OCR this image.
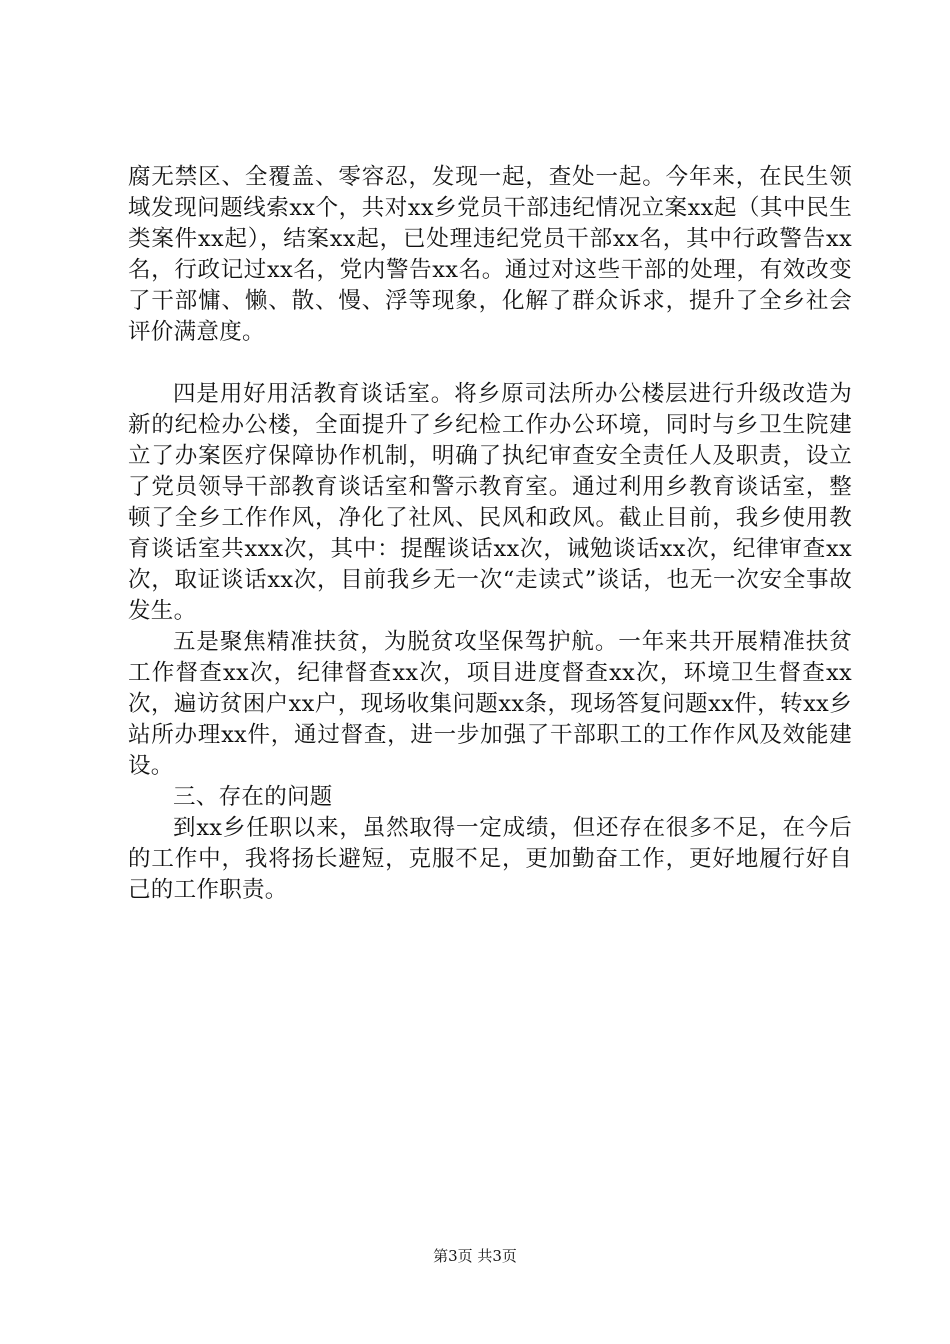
腐无禁区、全覆盖、零容忍，发现一起，查处一起。今年来，在民生领域发现问题线索xx个，共对xx乡党员干部违纪情况立案xx起（其中民生类案件xx起），结案xx起，已处理违纪党员干部xx名，其中行政警告xx名，行政记过xx名，党内警告xx名。通过对这些干部的处理，有效改变了干部慵、懒、散、慢、浮等现象，化解了群众诉求，提升了全乡社会评价满意度。

四是用好用活教育谈话室。将乡原司法所办公楼层进行升级改造为新的纪检办公楼，全面提升了乡纪检工作办公环境，同时与乡卫生院建立了办案医疗保障协作机制，明确了执纪审查安全责任人及职责，设立了党员领导干部教育谈话室和警示教育室。通过利用乡教育谈话室，整顿了全乡工作作风，净化了社风、民风和政风。截止目前，我乡使用教育谈话室共xxx次，其中：提醒谈话xx次，诫勉谈话xx次，纪律审查xx次，取证谈话xx次，目前我乡无一次“走读式”谈话，也无一次安全事故发生。

五是聚焦精准扶贫，为脱贫攻坚保驾护航。一年来共开展精准扶贫工作督查xx次，纪律督查xx次，项目进度督查xx次，环境卫生督查xx次，遍访贫困户xx户，现场收集问题xx条，现场答复问题xx件，转xx乡站所办理xx件，通过督查，进一步加强了干部职工的工作作风及效能建设。

三、存在的问题

到xx乡任职以来，虽然取得一定成绩，但还存在很多不足，在今后的工作中，我将扬长避短，克服不足，更加勤奋工作，更好地履行好自己的工作职责。

第3页 共3页
